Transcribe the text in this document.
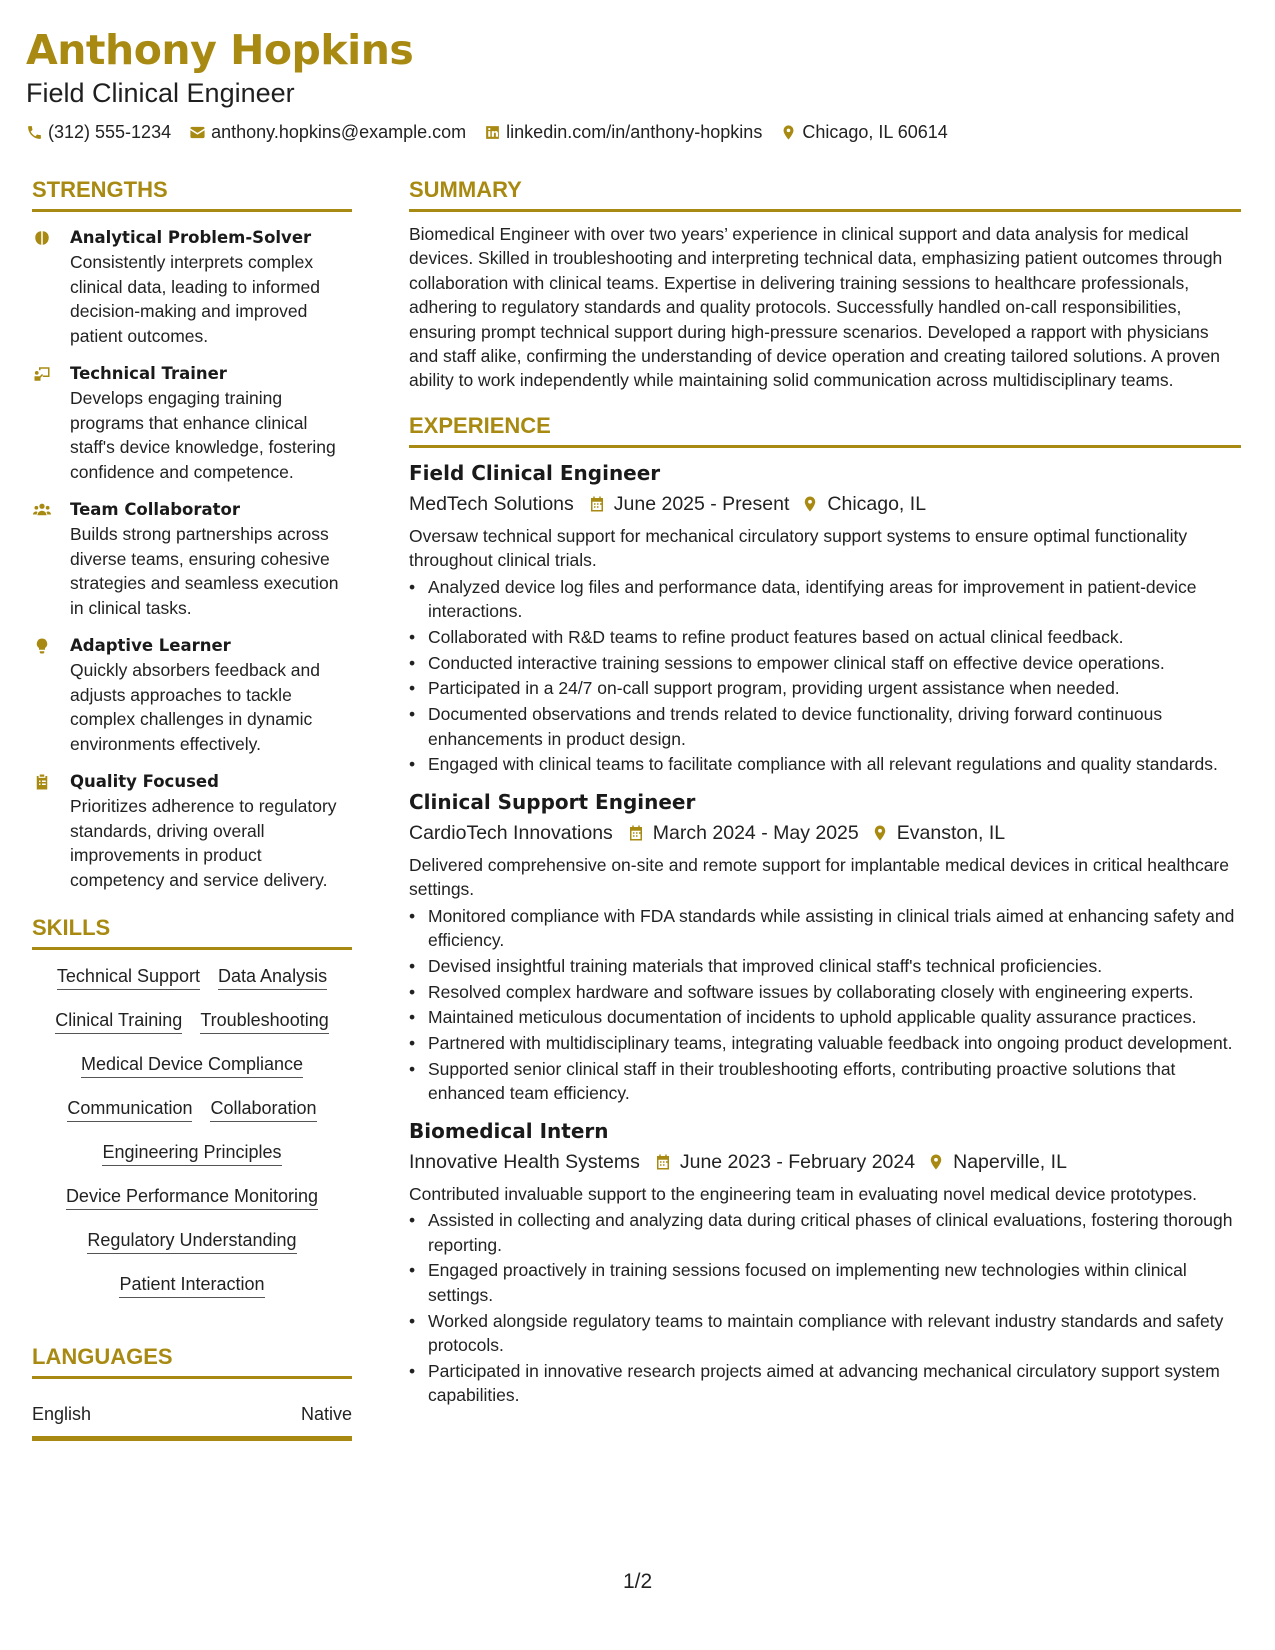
Anthony Hopkins
Field Clinical Engineer
(312) 555-1234 anthony.hopkins@example.com linkedin.com/in/anthony-hopkins Chicago, IL 60614
STRENGTHS
Analytical Problem-Solver
Consistently interprets complex clinical data, leading to informed decision-making and improved patient outcomes.
Technical Trainer
Develops engaging training programs that enhance clinical staff's device knowledge, fostering confidence and competence.
Team Collaborator
Builds strong partnerships across diverse teams, ensuring cohesive strategies and seamless execution in clinical tasks.
Adaptive Learner
Quickly absorbers feedback and adjusts approaches to tackle complex challenges in dynamic environments effectively.
Quality Focused
Prioritizes adherence to regulatory standards, driving overall improvements in product competency and service delivery.
SKILLS
Technical Support Data Analysis
Clinical Training Troubleshooting
Medical Device Compliance
Communication Collaboration
Engineering Principles
Device Performance Monitoring
Regulatory Understanding
Patient Interaction
LANGUAGES
English	Native
SUMMARY

Biomedical Engineer with over two years’ experience in clinical support and data analysis for medical devices. Skilled in troubleshooting and interpreting technical data, emphasizing patient outcomes through collaboration with clinical teams. Expertise in delivering training sessions to healthcare professionals, adhering to regulatory standards and quality protocols. Successfully handled on-call responsibilities, ensuring prompt technical support during high-pressure scenarios. Developed a rapport with physicians and staff alike, confirming the understanding of device operation and creating tailored solutions. A proven ability to work independently while maintaining solid communication across multidisciplinary teams.

EXPERIENCE
Field Clinical Engineer
MedTech Solutions June 2025 - Present Chicago, IL

Oversaw technical support for mechanical circulatory support systems to ensure optimal functionality throughout clinical trials.

• Analyzed device log files and performance data, identifying areas for improvement in patient-device interactions.
• Collaborated with R&D teams to refine product features based on actual clinical feedback.
• Conducted interactive training sessions to empower clinical staff on effective device operations.
• Participated in a 24/7 on-call support program, providing urgent assistance when needed.
• Documented observations and trends related to device functionality, driving forward continuous enhancements in product design.
• Engaged with clinical teams to facilitate compliance with all relevant regulations and quality standards.
Clinical Support Engineer
CardioTech Innovations March 2024 - May 2025 Evanston, IL

Delivered comprehensive on-site and remote support for implantable medical devices in critical healthcare settings.

• Monitored compliance with FDA standards while assisting in clinical trials aimed at enhancing safety and efficiency.
• Devised insightful training materials that improved clinical staff's technical proficiencies.
• Resolved complex hardware and software issues by collaborating closely with engineering experts.
• Maintained meticulous documentation of incidents to uphold applicable quality assurance practices.
• Partnered with multidisciplinary teams, integrating valuable feedback into ongoing product development.
• Supported senior clinical staff in their troubleshooting efforts, contributing proactive solutions that enhanced team efficiency.
Biomedical Intern
Innovative Health Systems June 2023 - February 2024 Naperville, IL

Contributed invaluable support to the engineering team in evaluating novel medical device prototypes.

• Assisted in collecting and analyzing data during critical phases of clinical evaluations, fostering thorough reporting.
• Engaged proactively in training sessions focused on implementing new technologies within clinical settings.
• Worked alongside regulatory teams to maintain compliance with relevant industry standards and safety protocols.
• Participated in innovative research projects aimed at advancing mechanical circulatory support system capabilities.
1/2
